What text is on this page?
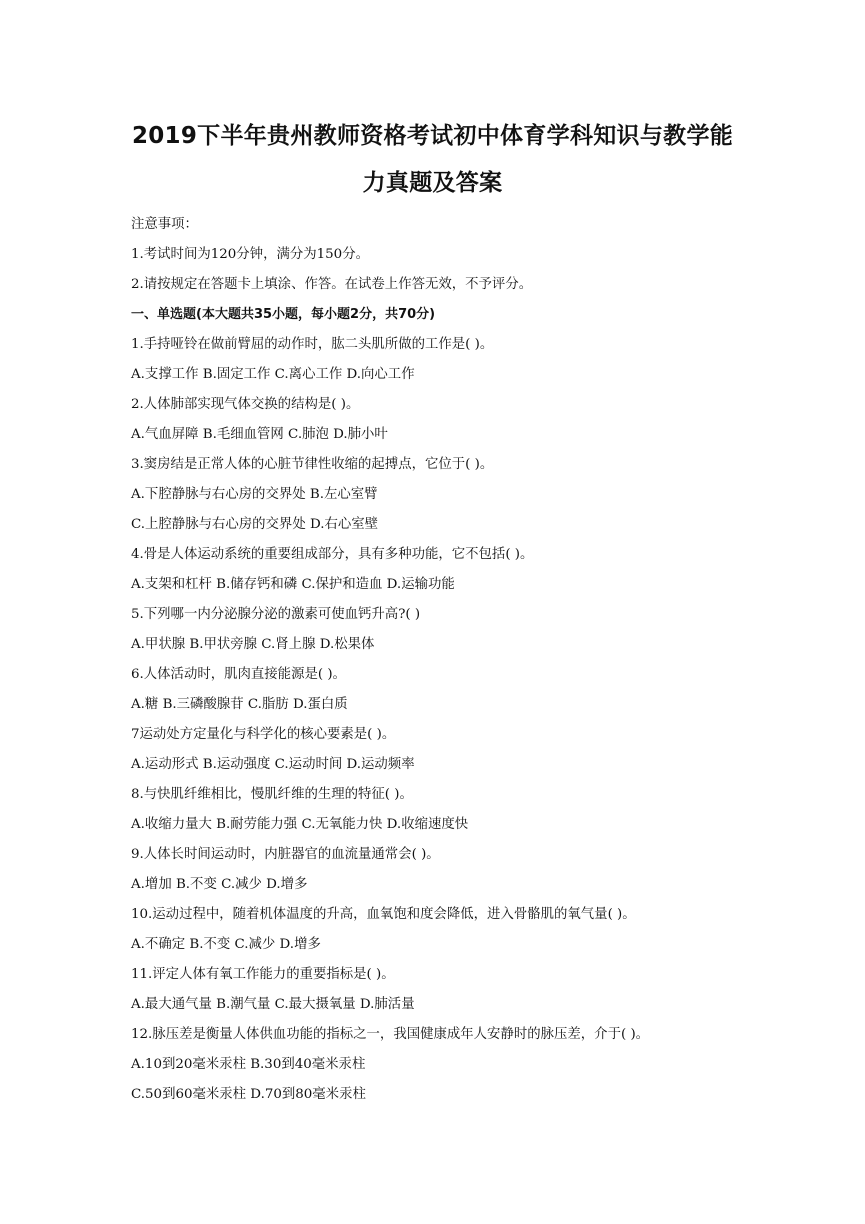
2019下半年贵州教师资格考试初中体育学科知识与教学能
力真题及答案
注意事项：
1.考试时间为120分钟，满分为150分。
2.请按规定在答题卡上填涂、作答。在试卷上作答无效，不予评分。
一、单选题(本大题共35小题，每小题2分，共70分)
1.手持哑铃在做前臂屈的动作时，肱二头肌所做的工作是( )。
A.支撑工作 B.固定工作 C.离心工作 D.向心工作
2.人体肺部实现气体交换的结构是( )。
A.气血屏障 B.毛细血管网 C.肺泡 D.肺小叶
3.窦房结是正常人体的心脏节律性收缩的起搏点，它位于( )。
A.下腔静脉与右心房的交界处 B.左心室臂
C.上腔静脉与右心房的交界处 D.右心室壁
4.骨是人体运动系统的重要组成部分，具有多种功能，它不包括( )。
A.支架和杠杆 B.储存钙和磷 C.保护和造血 D.运输功能
5.下列哪一内分泌腺分泌的激素可使血钙升高?( )
A.甲状腺 B.甲状旁腺 C.肾上腺 D.松果体
6.人体活动时，肌肉直接能源是( )。
A.糖 B.三磷酸腺苷 C.脂肪 D.蛋白质
7运动处方定量化与科学化的核心要素是( )。
A.运动形式 B.运动强度 C.运动时间 D.运动频率
8.与快肌纤维相比，慢肌纤维的生理的特征( )。
A.收缩力量大 B.耐劳能力强 C.无氧能力快 D.收缩速度快
9.人体长时间运动时，内脏器官的血流量通常会( )。
A.增加 B.不变 C.减少 D.增多
10.运动过程中，随着机体温度的升高，血氧饱和度会降低，进入骨骼肌的氧气量( )。
A.不确定 B.不变 C.减少 D.增多
11.评定人体有氧工作能力的重要指标是( )。
A.最大通气量 B.潮气量 C.最大摄氧量 D.肺活量
12.脉压差是衡量人体供血功能的指标之一，我国健康成年人安静时的脉压差，介于( )。
A.10到20毫米汞柱 B.30到40毫米汞柱
C.50到60毫米汞柱 D.70到80毫米汞柱
